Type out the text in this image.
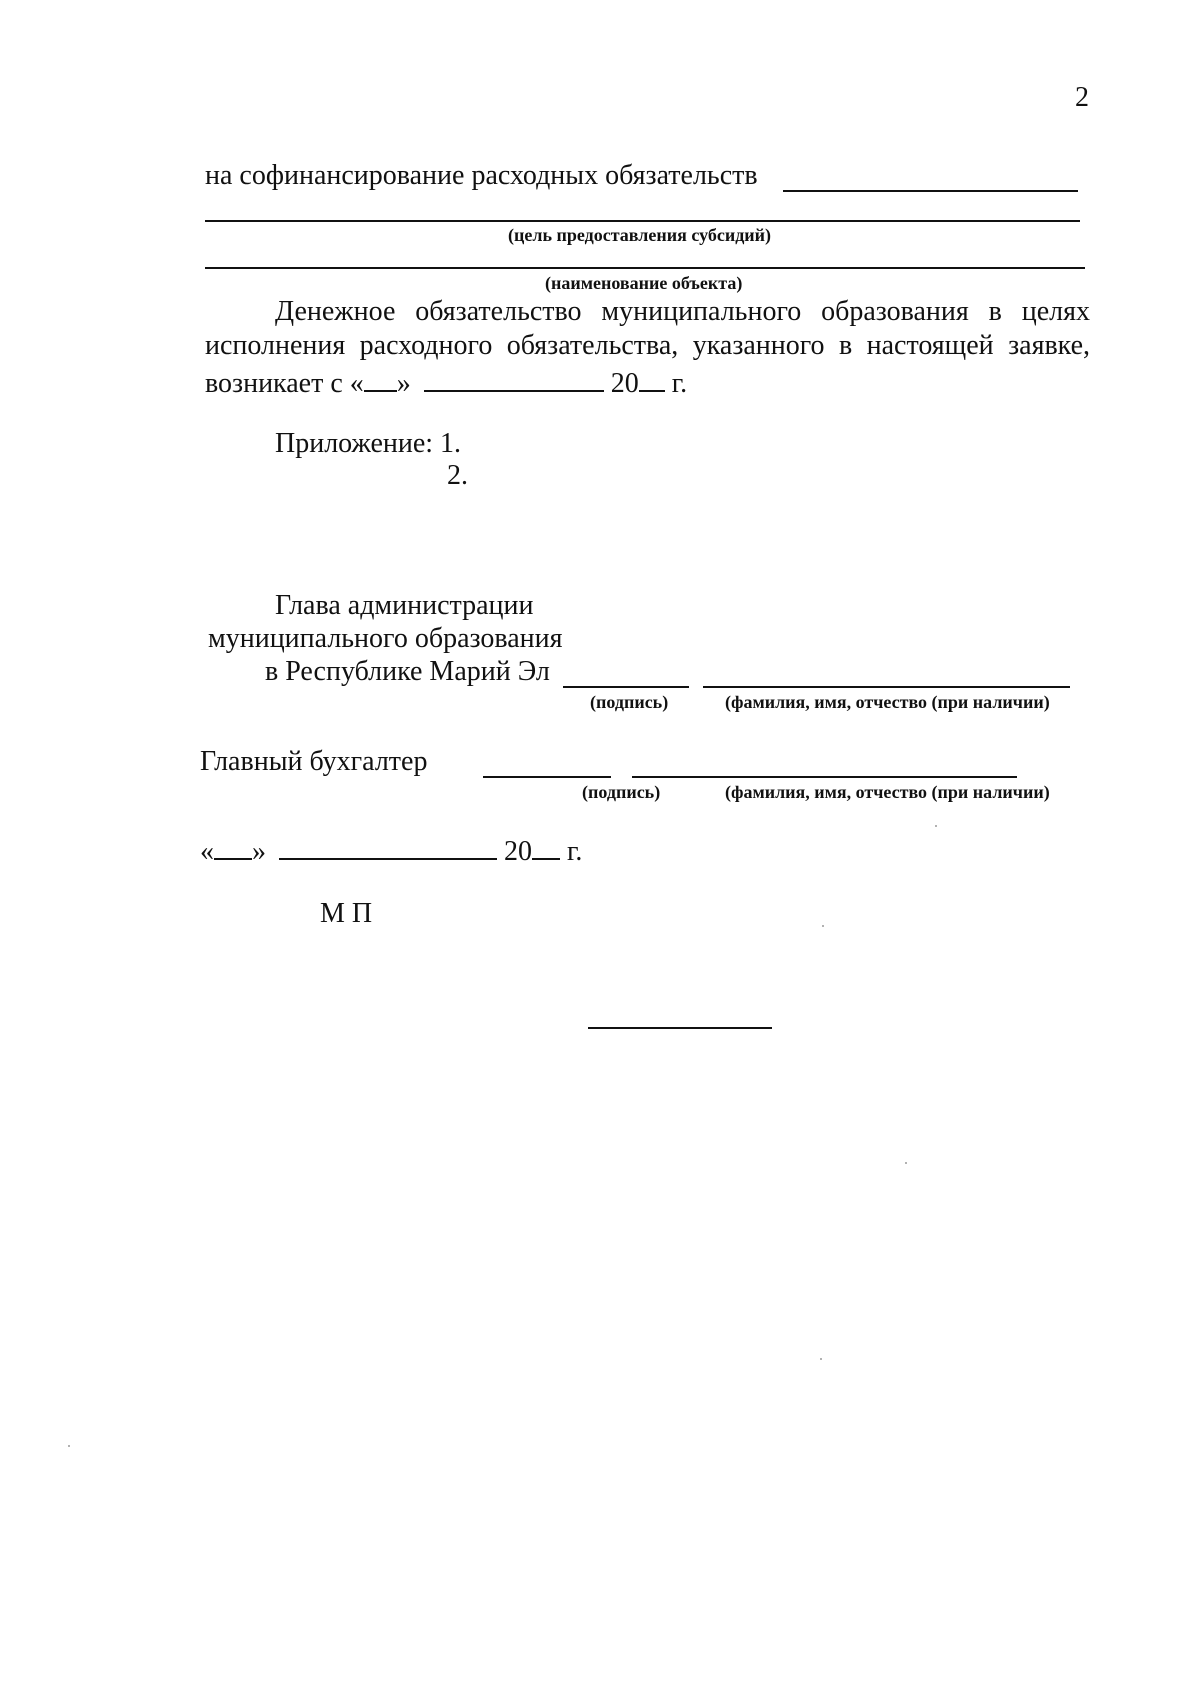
2
на софинансирование расходных обязательств
(цель предоставления субсидий)
(наименование объекта)
Денежное обязательство муниципального образования в целях
исполнения расходного обязательства, указанного в настоящей заявке,
возникает с « »	20 г.
Приложение: 1.
2.
Глава администрации
муниципального образования
в Республике Марий Эл
(подпись)	(фамилия, имя, отчество (при наличии)
Главный бухгалтер
(подпись)	(фамилия, имя, отчество (при наличии)
« »	20 г.
М П
